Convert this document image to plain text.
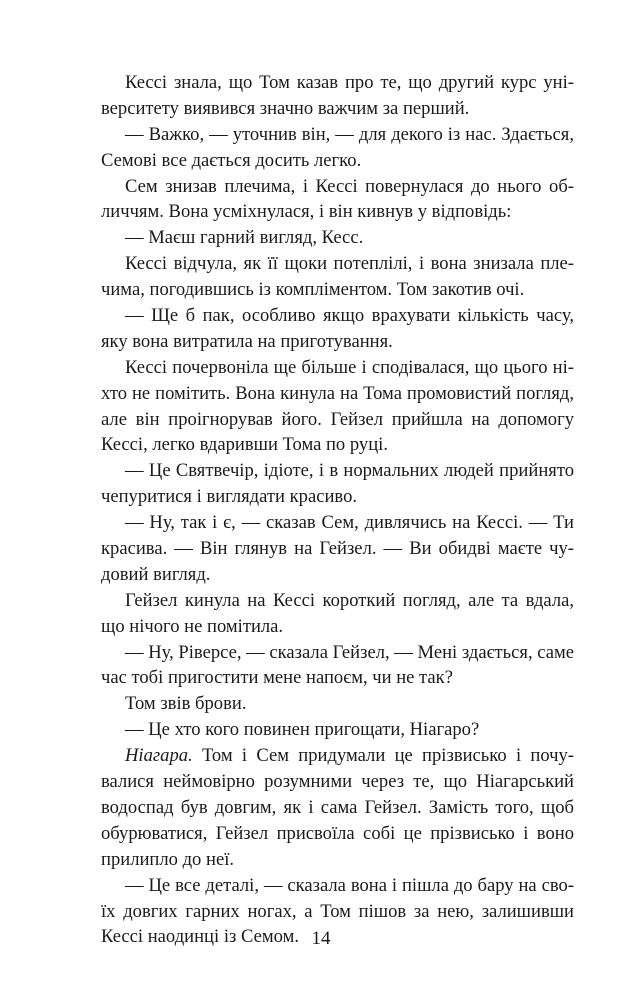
Кессі знала, що Том казав про те, що другий курс уні-
верситету виявився значно важчим за перший.
— Важко, — уточнив він, — для декого із нас. Здається,
Семові все дається досить легко.
Сем знизав плечима, і Кессі повернулася до нього об-
личчям. Вона усміхнулася, і він кивнув у відповідь:
— Маєш гарний вигляд, Кесс.
Кессі відчула, як її щоки потеплілі, і вона знизала пле-
чима, погодившись із компліментом. Том закотив очі.
— Ще б пак, особливо якщо врахувати кількість часу,
яку вона витратила на приготування.
Кессі почервоніла ще більше і сподівалася, що цього ні-
хто не помітить. Вона кинула на Тома промовистий погляд,
але він проігнорував його. Гейзел прийшла на допомогу
Кессі, легко вдаривши Тома по руці.
— Це Святвечір, ідіоте, і в нормальних людей прийнято
чепуритися і виглядати красиво.
— Ну, так і є, — сказав Сем, дивлячись на Кессі. — Ти
красива. — Він глянув на Гейзел. — Ви обидві маєте чу-
довий вигляд.
Гейзел кинула на Кессі короткий погляд, але та вдала,
що нічого не помітила.
— Ну, Ріверсе, — сказала Гейзел, — Мені здається, саме
час тобі пригостити мене напоєм, чи не так?
Том звів брови.
— Це хто кого повинен пригощати, Ніагаро?
Ніагара. Том і Сем придумали це прізвисько і почу-
валися неймовірно розумними через те, що Ніагарський
водоспад був довгим, як і сама Гейзел. Замість того, щоб
обурюватися, Гейзел присвоїла собі це прізвисько і воно
прилипло до неї.
— Це все деталі, — сказала вона і пішла до бару на сво-
їх довгих гарних ногах, а Том пішов за нею, залишивши
Кессі наодинці із Семом. 14
